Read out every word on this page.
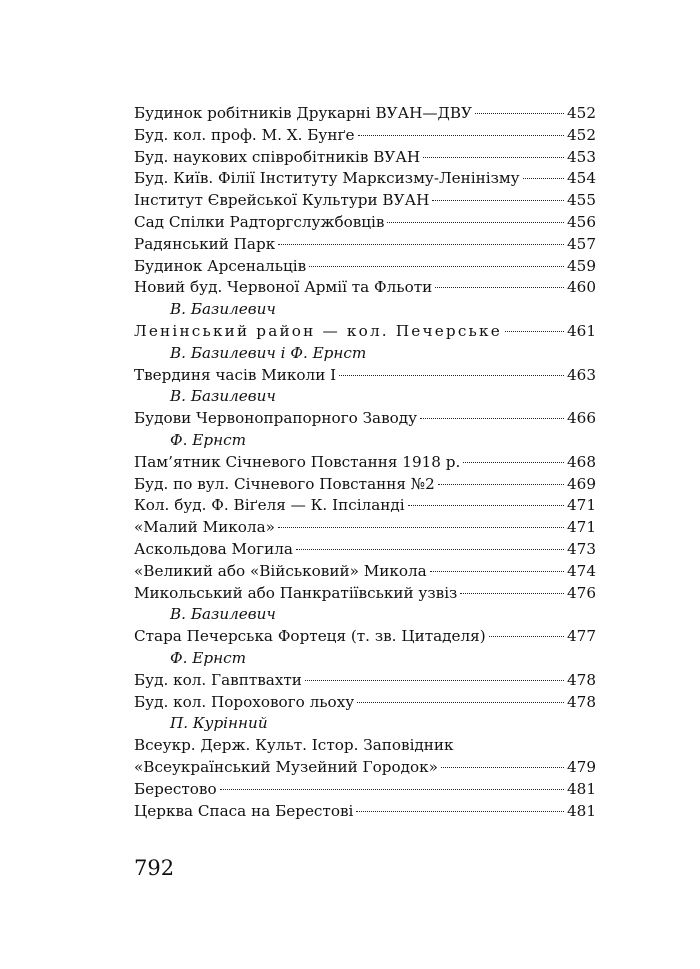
Будинок робітників Друкарні ВУАН—ДВУ	452
Буд. кол. проф. М. Х. Бунґе	452
Буд. наукових співробітників ВУАН	453
Буд. Київ. Філії Інституту Марксизму-Ленінізму	454
Інститут Єврейської Культури ВУАН	455
Сад Спілки Радторгслужбовців	456
Радянський Парк	457
Будинок Арсенальців	459
Новий буд. Червоної Армії та Фльоти	460
В. Базилевич
Ленінський район — кол. Печерське	461
В. Базилевич і Ф. Ернст
Твердиня часів Миколи I	463
В. Базилевич
Будови Червонопрапорного Заводу	466
Ф. Ернст
Пам’ятник Січневого Повстання 1918 р.	468
Буд. по вул. Січневого Повстання №2	469
Кол. буд. Ф. Віґеля — К. Іпсіланді	471
«Малий Микола»	471
Аскольдова Могила	473
«Великий або «Військовий» Микола	474
Микольський або Панкратіївський узвіз	476
В. Базилевич
Стара Печерська Фортеця (т. зв. Цитаделя)	477
Ф. Ернст
Буд. кол. Гавптвахти	478
Буд. кол. Порохового льоху	478
П. Курінний
Всеукр. Держ. Культ. Істор. Заповідник
«Всеукраїнський Музейний Городок»	479
Берестово	481
Церква Спаса на Берестові	481
792
